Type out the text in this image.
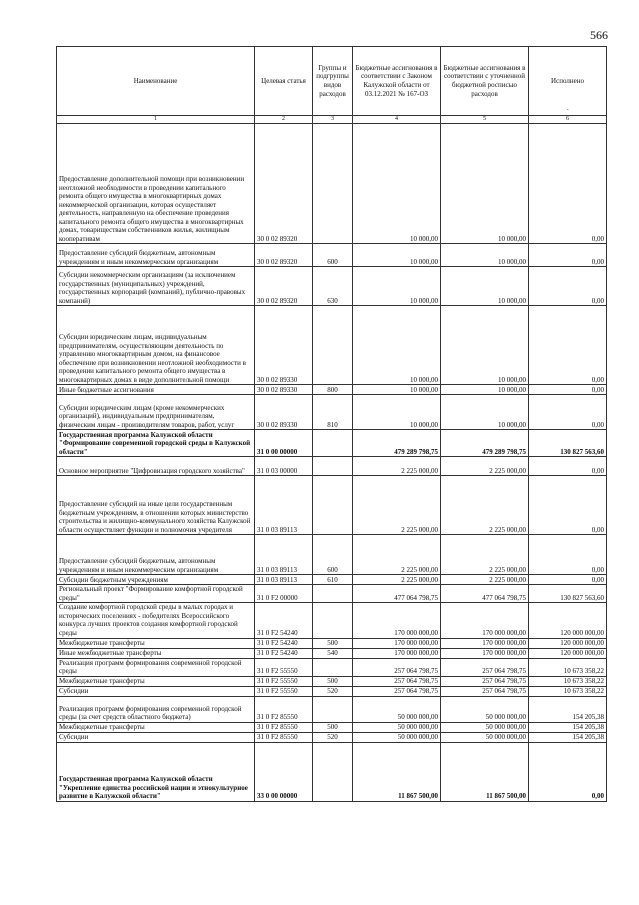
566
Наименование	Целевая статья	Группы и подгруппы видов расходов	Бюджетные ассигнования в соответствии с Законом Калужской области от 03.12.2021 № 167-ОЗ	Бюджетные ассигнования в соответствии с уточненной бюджетной росписью расходов	Исполнено
.

1	2	3	4	5	6
Предоставление дополнительной помощи при возникновении неотложной необходимости в проведении капитального ремонта общего имущества в многоквартирных домах некоммерческой организации, которая осуществляет деятельность, направленную на обеспечение проведения капитального ремонта общего имущества в многоквартирных домах, товариществам собственников жилья, жилищным кооперативам	30 0 02 89320		10 000,00	10 000,00	0,00
Предоставление субсидий бюджетным, автономным учреждениям и иным некоммерческим организациям	30 0 02 89320	600	10 000,00	10 000,00	0,00
Субсидии некоммерческим организациям (за исключением государственных (муниципальных) учреждений, государственных корпораций (компаний), публично-правовых компаний)	30 0 02 89320	630	10 000,00	10 000,00	0,00
Субсидии юридическим лицам, индивидуальным предпринимателям, осуществляющим деятельность по управлению многоквартирным домом, на финансовое обеспечение при возникновении неотложной необходимости в проведении капитального ремонта общего имущества в многоквартирных домах в виде дополнительной помощи	30 0 02 89330		10 000,00	10 000,00	0,00
Иные бюджетные ассигнования	30 0 02 89330	800	10 000,00	10 000,00	0,00
Субсидии юридическим лицам (кроме некоммерческих организаций), индивидуальным предпринимателям, физическим лицам - производителям товаров, работ, услуг	30 0 02 89330	810	10 000,00	10 000,00	0,00
Государственная программа Калужской области "Формирование современной городской среды в Калужской области"	31 0 00 00000		479 289 798,75	479 289 798,75	130 827 563,60
Основное мероприятие "Цифровизация городского хозяйства"	31 0 03 00000		2 225 000,00	2 225 000,00	0,00
Предоставление субсидий на иные цели государственным бюджетным учреждениям, в отношении которых министерство строительства и жилищно-коммунального хозяйства Калужской области осуществляет функции и полномочия учредителя	31 0 03 89113		2 225 000,00	2 225 000,00	0,00
Предоставление субсидий бюджетным, автономным учреждениям и иным некоммерческим организациям	31 0 03 89113	600	2 225 000,00	2 225 000,00	0,00
Субсидии бюджетным учреждениям	31 0 03 89113	610	2 225 000,00	2 225 000,00	0,00
Региональный проект "Формирование комфортной городской среды"	31 0 F2 00000		477 064 798,75	477 064 798,75	130 827 563,60
Создание комфортной городской среды в малых городах и исторических поселениях - победителях Всероссийского конкурса лучших проектов создания комфортной городской среды	31 0 F2 54240		170 000 000,00	170 000 000,00	120 000 000,00
Межбюджетные трансферты	31 0 F2 54240	500	170 000 000,00	170 000 000,00	120 000 000,00
Иные межбюджетные трансферты	31 0 F2 54240	540	170 000 000,00	170 000 000,00	120 000 000,00
Реализация программ формирования современной городской среды	31 0 F2 55550		257 064 798,75	257 064 798,75	10 673 358,22
Межбюджетные трансферты	31 0 F2 55550	500	257 064 798,75	257 064 798,75	10 673 358,22
Субсидии	31 0 F2 55550	520	257 064 798,75	257 064 798,75	10 673 358,22
Реализация программ формирования современной городской среды (за счет средств областного бюджета)	31 0 F2 85550		50 000 000,00	50 000 000,00	154 205,38
Межбюджетные трансферты	31 0 F2 85550	500	50 000 000,00	50 000 000,00	154 205,38
Субсидии	31 0 F2 85550	520	50 000 000,00	50 000 000,00	154 205,38
Государственная программа Калужской области "Укрепление единства российской нации и этнокультурное развитие в Калужской области"	33 0 00 00000		11 867 500,00	11 867 500,00	0,00
